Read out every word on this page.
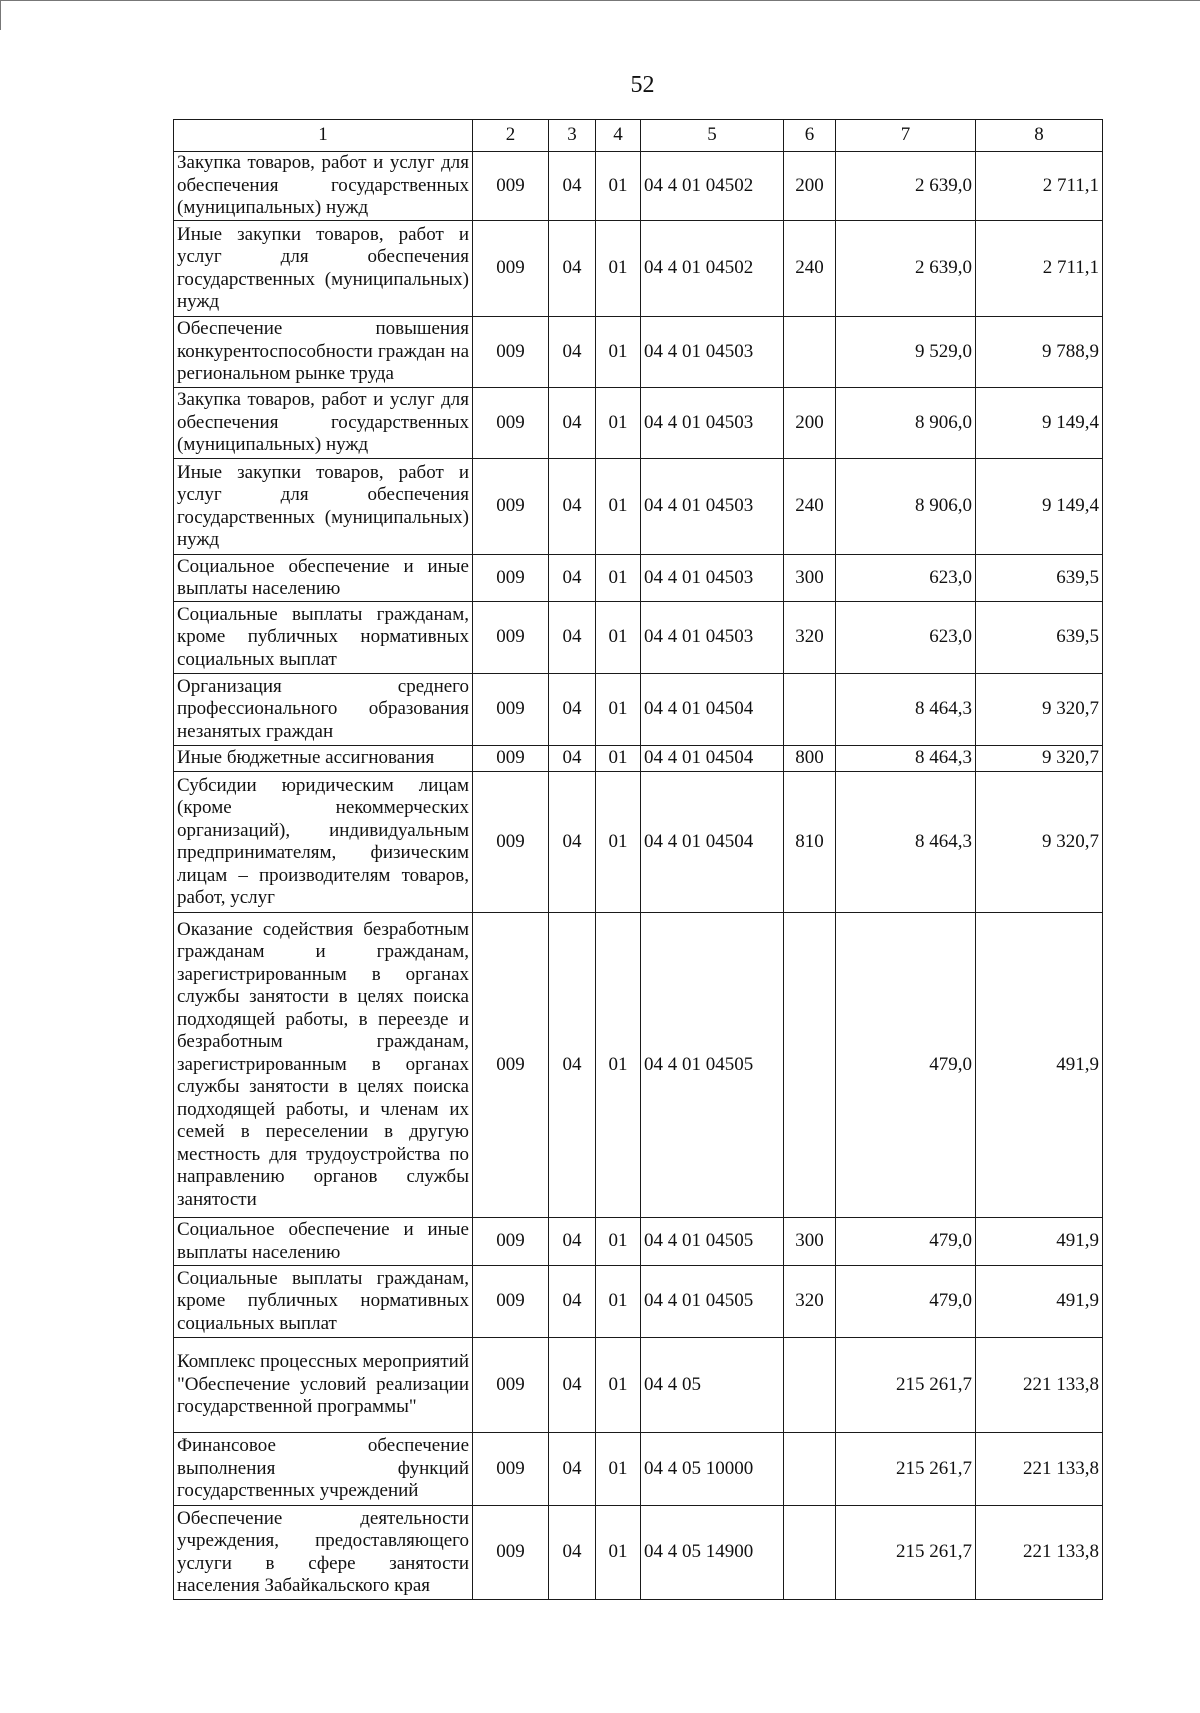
52
1	2	3	4	5	6	7	8
Закупка товаров, работ и услуг для обеспечения государственных (муниципальных) нужд	009	04	01	04 4 01 04502	200	2 639,0	2 711,1
Иные закупки товаров, работ и услуг для обеспечения государственных (муниципальных) нужд	009	04	01	04 4 01 04502	240	2 639,0	2 711,1
Обеспечение повышения конкурентоспособности граждан на региональном рынке труда	009	04	01	04 4 01 04503		9 529,0	9 788,9
Закупка товаров, работ и услуг для обеспечения государственных (муниципальных) нужд	009	04	01	04 4 01 04503	200	8 906,0	9 149,4
Иные закупки товаров, работ и услуг для обеспечения государственных (муниципальных) нужд	009	04	01	04 4 01 04503	240	8 906,0	9 149,4
Социальное обеспечение и иные выплаты населению	009	04	01	04 4 01 04503	300	623,0	639,5
Социальные выплаты гражданам, кроме публичных нормативных социальных выплат	009	04	01	04 4 01 04503	320	623,0	639,5
Организация среднего профессионального образования незанятых граждан	009	04	01	04 4 01 04504		8 464,3	9 320,7
Иные бюджетные ассигнования	009	04	01	04 4 01 04504	800	8 464,3	9 320,7
Субсидии юридическим лицам (кроме некоммерческих организаций), индивидуальным предпринимателям, физическим лицам – производителям товаров, работ, услуг	009	04	01	04 4 01 04504	810	8 464,3	9 320,7
Оказание содействия безработным гражданам и гражданам, зарегистрированным в органах службы занятости в целях поиска подходящей работы, в переезде и безработным гражданам, зарегистрированным в органах службы занятости в целях поиска подходящей работы, и членам их семей в переселении в другую местность для трудоустройства по направлению органов службы занятости	009	04	01	04 4 01 04505		479,0	491,9
Социальное обеспечение и иные выплаты населению	009	04	01	04 4 01 04505	300	479,0	491,9
Социальные выплаты гражданам, кроме публичных нормативных социальных выплат	009	04	01	04 4 01 04505	320	479,0	491,9
Комплекс процессных мероприятий "Обеспечение условий реализации государственной программы"	009	04	01	04 4 05		215 261,7	221 133,8
Финансовое обеспечение выполнения функций государственных учреждений	009	04	01	04 4 05 10000		215 261,7	221 133,8
Обеспечение деятельности учреждения, предоставляющего услуги в сфере занятости населения Забайкальского края	009	04	01	04 4 05 14900		215 261,7	221 133,8
